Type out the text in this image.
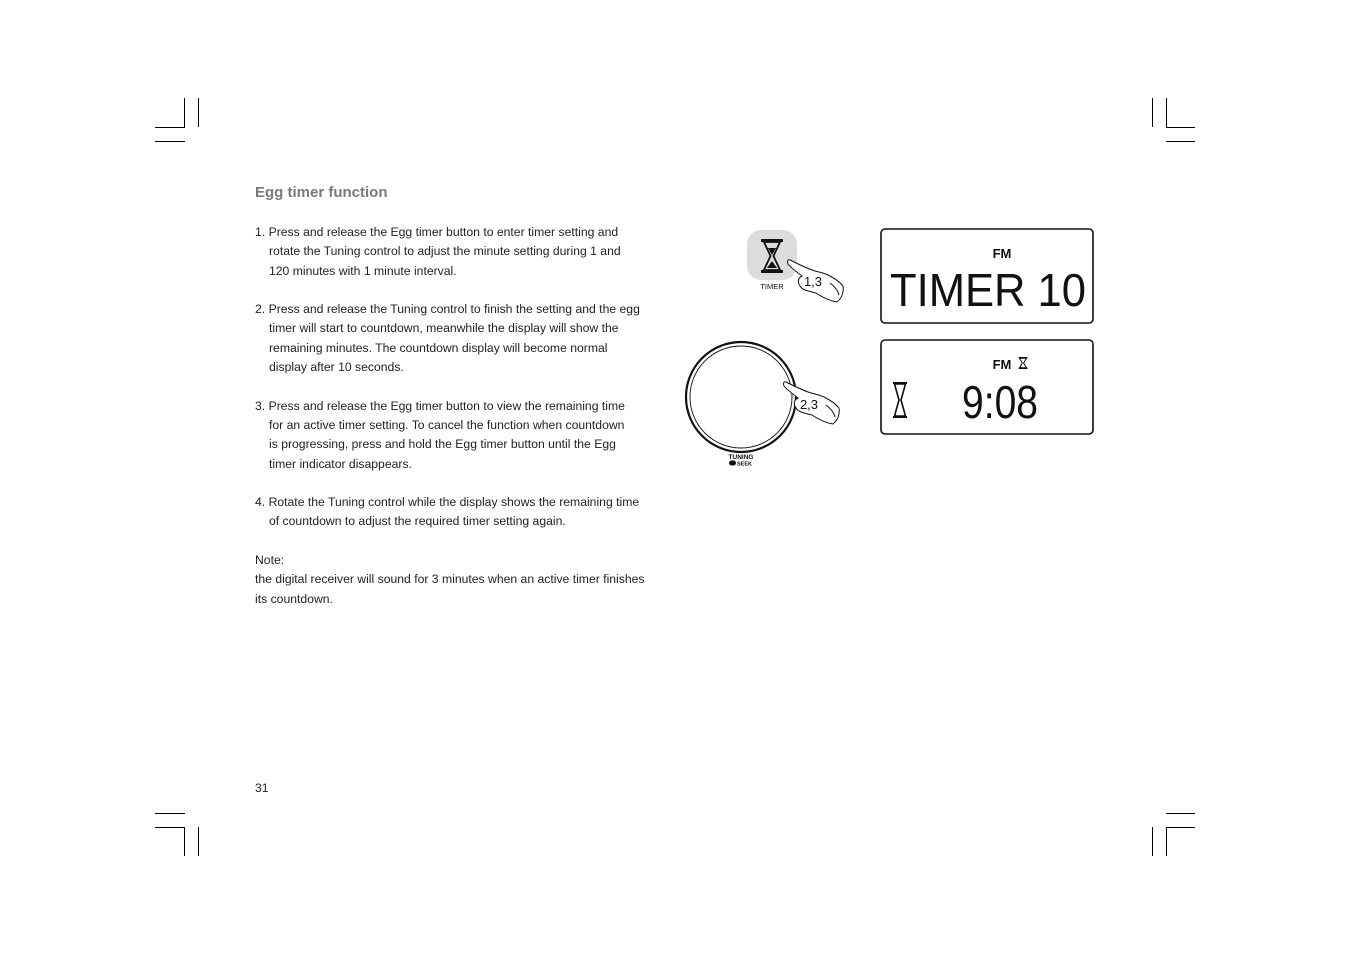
Egg timer function
1. Press and release the Egg timer button to enter timer setting and
rotate the Tuning control to adjust the minute setting during 1 and
120 minutes with 1 minute interval.
2. Press and release the Tuning control to finish the setting and the egg
timer will start to countdown, meanwhile the display will show the
remaining minutes. The countdown display will become normal
display after 10 seconds.
3. Press and release the Egg timer button to view the remaining time
for an active timer setting. To cancel the function when countdown
is progressing, press and hold the Egg timer button until the Egg
timer indicator disappears.
4. Rotate the Tuning control while the display shows the remaining time
of countdown to adjust the required timer setting again.

Note:

the digital receiver will sound for 3 minutes when an active timer finishes

its countdown.

TIMER 1,3
FM
TIMER 10
TUNING
SEEK
2,3
FM
9:08
31
